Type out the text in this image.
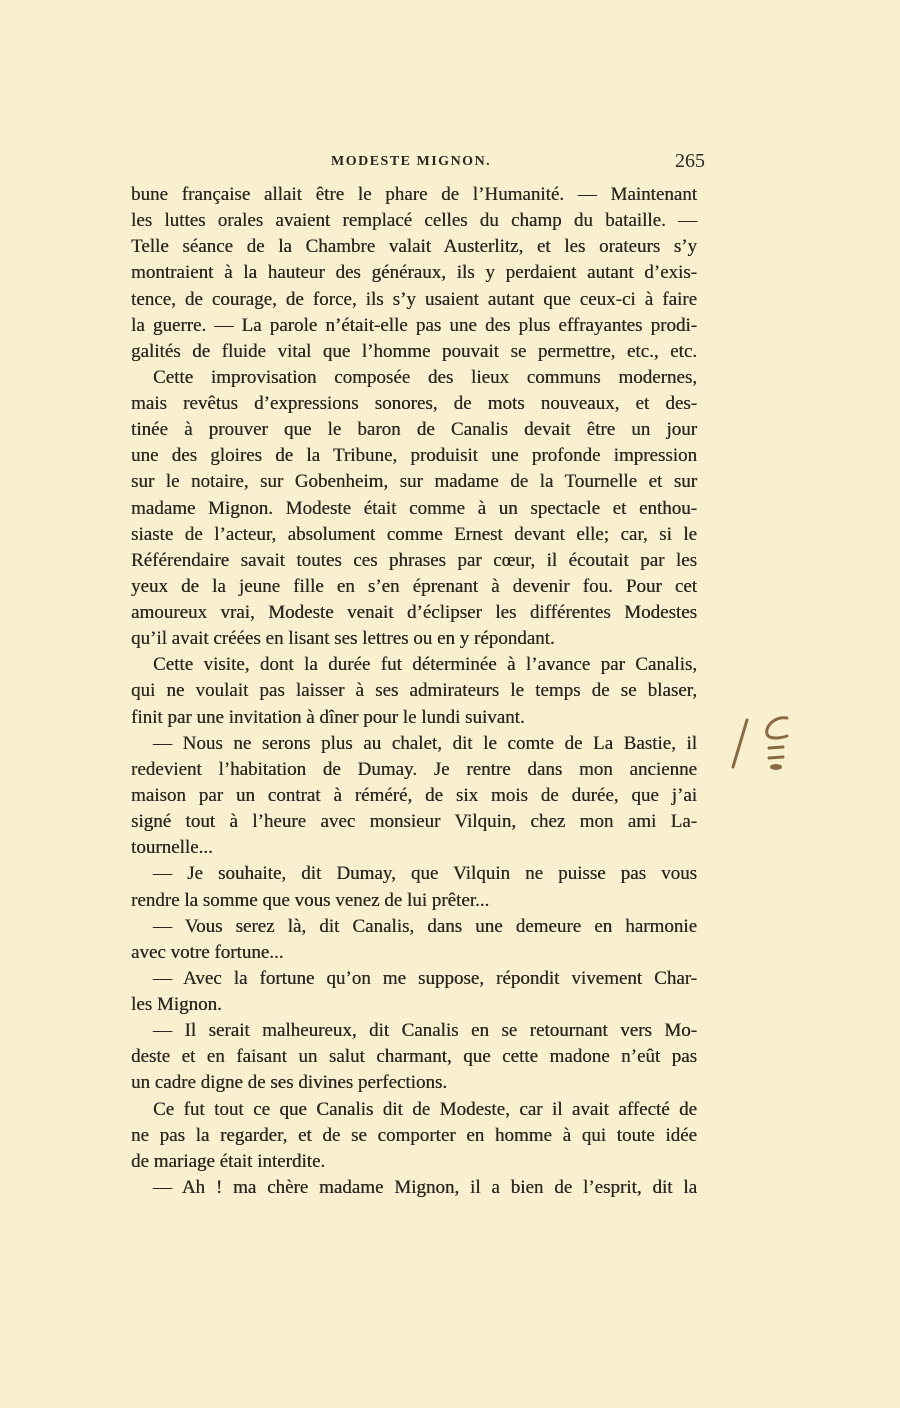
MODESTE MIGNON.	265
bune française allait être le phare de l’Humanité. — Maintenant
les luttes orales avaient remplacé celles du champ du bataille. —
Telle séance de la Chambre valait Austerlitz, et les orateurs s’y
montraient à la hauteur des généraux, ils y perdaient autant d’exis-
tence, de courage, de force, ils s’y usaient autant que ceux-ci à faire
la guerre. — La parole n’était-elle pas une des plus effrayantes prodi-
galités de fluide vital que l’homme pouvait se permettre, etc., etc.
Cette improvisation composée des lieux communs modernes,
mais revêtus d’expressions sonores, de mots nouveaux, et des-
tinée à prouver que le baron de Canalis devait être un jour
une des gloires de la Tribune, produisit une profonde impression
sur le notaire, sur Gobenheim, sur madame de la Tournelle et sur
madame Mignon. Modeste était comme à un spectacle et enthou-
siaste de l’acteur, absolument comme Ernest devant elle; car, si le
Référendaire savait toutes ces phrases par cœur, il écoutait par les
yeux de la jeune fille en s’en éprenant à devenir fou. Pour cet
amoureux vrai, Modeste venait d’éclipser les différentes Modestes
qu’il avait créées en lisant ses lettres ou en y répondant.
Cette visite, dont la durée fut déterminée à l’avance par Canalis,
qui ne voulait pas laisser à ses admirateurs le temps de se blaser,
finit par une invitation à dîner pour le lundi suivant.
— Nous ne serons plus au chalet, dit le comte de La Bastie, il
redevient l’habitation de Dumay. Je rentre dans mon ancienne
maison par un contrat à réméré, de six mois de durée, que j’ai
signé tout à l’heure avec monsieur Vilquin, chez mon ami La-
tournelle...
— Je souhaite, dit Dumay, que Vilquin ne puisse pas vous
rendre la somme que vous venez de lui prêter...
— Vous serez là, dit Canalis, dans une demeure en harmonie
avec votre fortune...
— Avec la fortune qu’on me suppose, répondit vivement Char-
les Mignon.
— Il serait malheureux, dit Canalis en se retournant vers Mo-
deste et en faisant un salut charmant, que cette madone n’eût pas
un cadre digne de ses divines perfections.
Ce fut tout ce que Canalis dit de Modeste, car il avait affecté de
ne pas la regarder, et de se comporter en homme à qui toute idée
de mariage était interdite.
— Ah ! ma chère madame Mignon, il a bien de l’esprit, dit la
